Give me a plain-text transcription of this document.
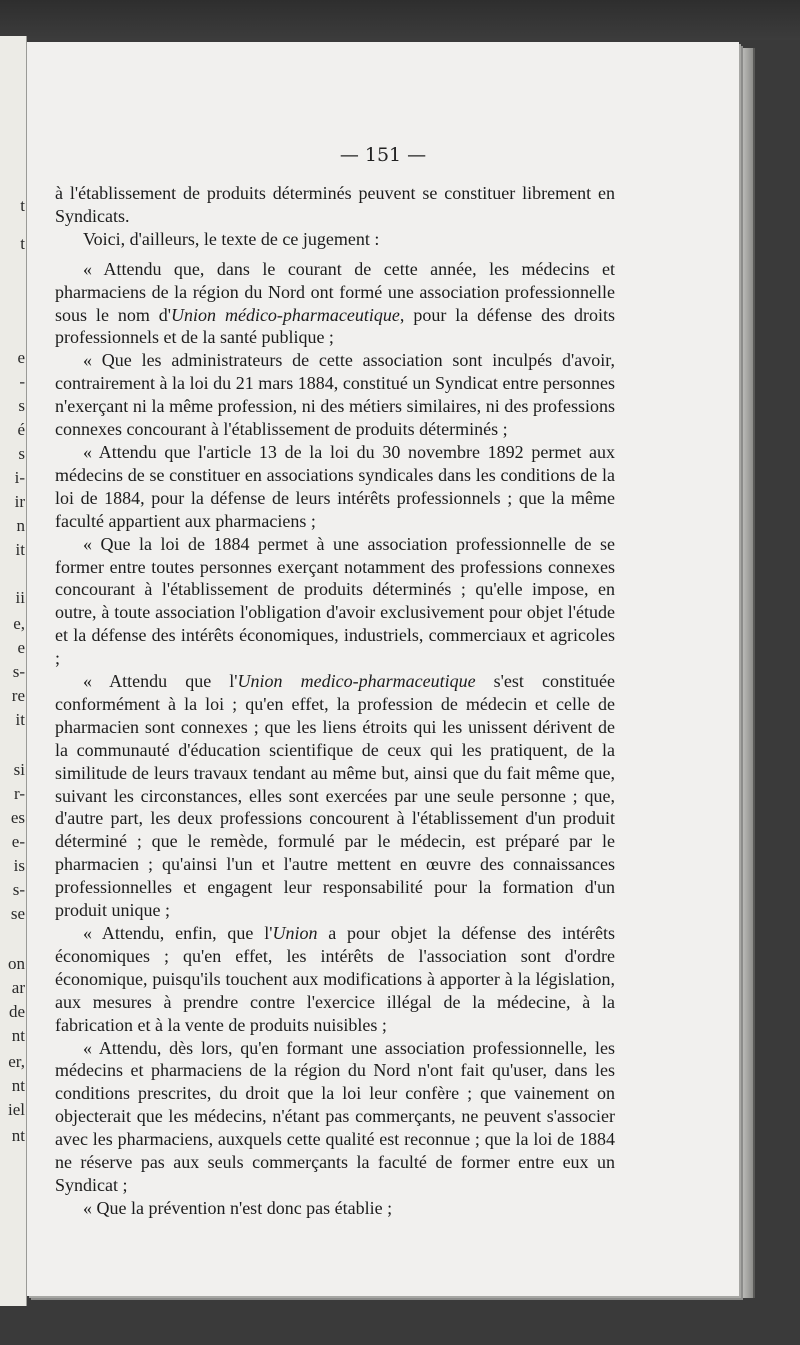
t
t
e
-
s
é
s
i-
ir
n
it
ii
e,
e
s-
re
it
si
r-
es
e-
is
s-
se
on
ar
de
nt
er,
nt
iel
nt
— 151 —

à l'établissement de produits déterminés peuvent se constituer librement en Syndicats.

Voici, d'ailleurs, le texte de ce jugement :

« Attendu que, dans le courant de cette année, les médecins et pharmaciens de la région du Nord ont formé une association professionnelle sous le nom d'Union médico-pharmaceutique, pour la défense des droits professionnels et de la santé publique ;

« Que les administrateurs de cette association sont inculpés d'avoir, contrairement à la loi du 21 mars 1884, constitué un Syndicat entre personnes n'exerçant ni la même profession, ni des métiers similaires, ni des professions connexes concourant à l'établissement de produits déterminés ;

« Attendu que l'article 13 de la loi du 30 novembre 1892 permet aux médecins de se constituer en associations syndicales dans les conditions de la loi de 1884, pour la défense de leurs intérêts professionnels ; que la même faculté appartient aux pharmaciens ;

« Que la loi de 1884 permet à une association professionnelle de se former entre toutes personnes exerçant notamment des professions connexes concourant à l'établissement de produits déterminés ; qu'elle impose, en outre, à toute association l'obligation d'avoir exclusivement pour objet l'étude et la défense des intérêts économiques, industriels, commerciaux et agricoles ;

« Attendu que l'Union medico-pharmaceutique s'est constituée conformément à la loi ; qu'en effet, la profession de médecin et celle de pharmacien sont connexes ; que les liens étroits qui les unissent dérivent de la communauté d'éducation scientifique de ceux qui les pratiquent, de la similitude de leurs travaux tendant au même but, ainsi que du fait même que, suivant les circonstances, elles sont exercées par une seule personne ; que, d'autre part, les deux professions concourent à l'établissement d'un produit déterminé ; que le remède, formulé par le médecin, est préparé par le pharmacien ; qu'ainsi l'un et l'autre mettent en œuvre des connaissances professionnelles et engagent leur responsabilité pour la formation d'un produit unique ;

« Attendu, enfin, que l'Union a pour objet la défense des intérêts économiques ; qu'en effet, les intérêts de l'association sont d'ordre économique, puisqu'ils touchent aux modifications à apporter à la législation, aux mesures à prendre contre l'exercice illégal de la médecine, à la fabrication et à la vente de produits nuisibles ;

« Attendu, dès lors, qu'en formant une association professionnelle, les médecins et pharmaciens de la région du Nord n'ont fait qu'user, dans les conditions prescrites, du droit que la loi leur confère ; que vainement on objecterait que les médecins, n'étant pas commerçants, ne peuvent s'associer avec les pharmaciens, auxquels cette qualité est reconnue ; que la loi de 1884 ne réserve pas aux seuls commerçants la faculté de former entre eux un Syndicat ;

« Que la prévention n'est donc pas établie ;
